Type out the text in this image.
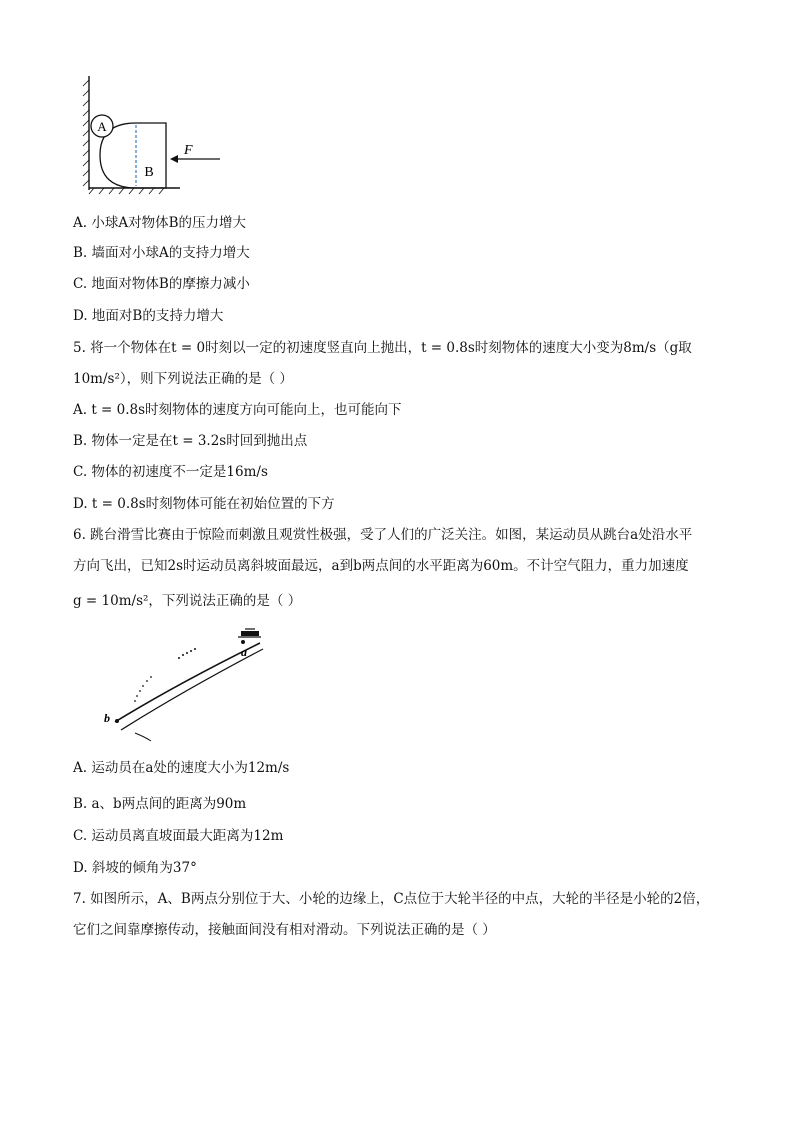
A
B
F
A. 小球A对物体B的压力增大
B. 墙面对小球A的支持力增大
C. 地面对物体B的摩擦力减小
D. 地面对B的支持力增大
5. 将一个物体在t = 0时刻以一定的初速度竖直向上抛出，t = 0.8s时刻物体的速度大小变为8m/s（g取
10m/s²），则下列说法正确的是（ ）
A. t = 0.8s时刻物体的速度方向可能向上，也可能向下
B. 物体一定是在t = 3.2s时回到抛出点
C. 物体的初速度不一定是16m/s
D. t = 0.8s时刻物体可能在初始位置的下方
6. 跳台滑雪比赛由于惊险而刺激且观赏性极强，受了人们的广泛关注。如图，某运动员从跳台a处沿水平
方向飞出，已知2s时运动员离斜坡面最远，a到b两点间的水平距离为60m。不计空气阻力，重力加速度
g = 10m/s²，下列说法正确的是（ ）
a
b
A. 运动员在a处的速度大小为12m/s
B. a、b两点间的距离为90m
C. 运动员离直坡面最大距离为12m
D. 斜坡的倾角为37°
7. 如图所示，A、B两点分别位于大、小轮的边缘上，C点位于大轮半径的中点，大轮的半径是小轮的2倍，
它们之间靠摩擦传动，接触面间没有相对滑动。下列说法正确的是（ ）
